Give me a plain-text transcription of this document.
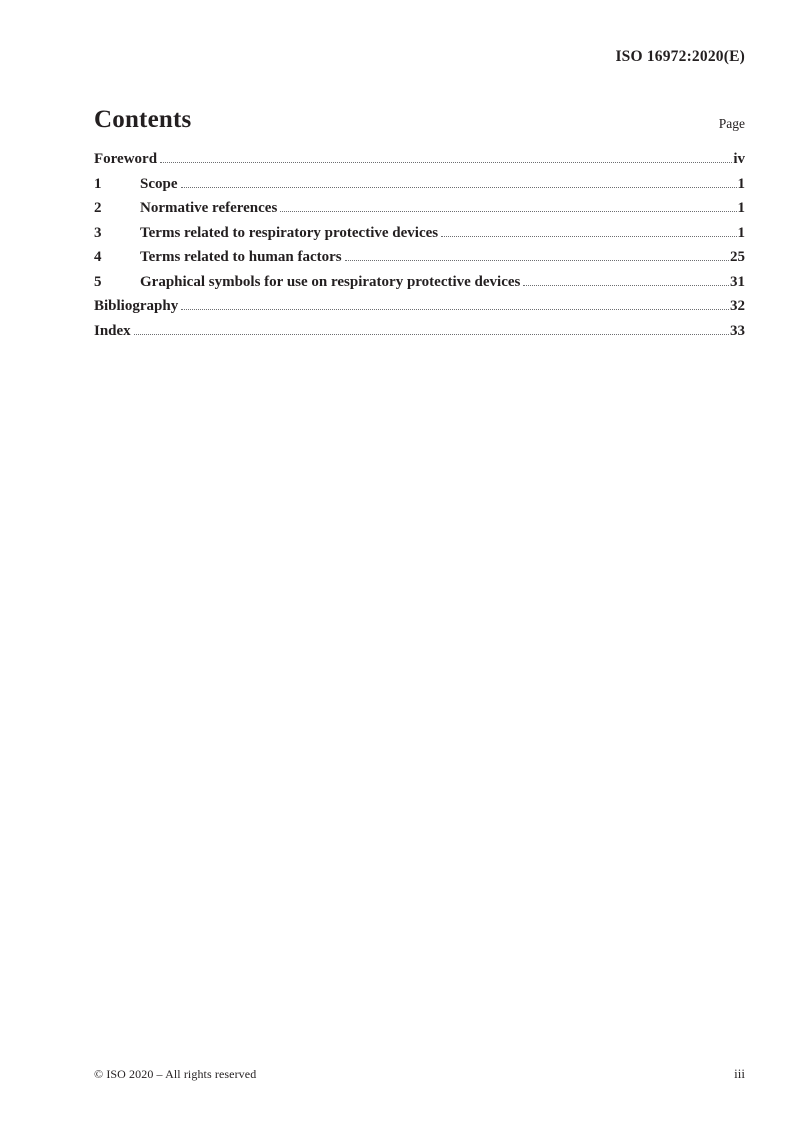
ISO 16972:2020(E)
Contents	Page
Foreword	iv
1	Scope	1
2	Normative references	1
3	Terms related to respiratory protective devices	1
4	Terms related to human factors	25
5	Graphical symbols for use on respiratory protective devices	31
Bibliography	32
Index	33
© ISO 2020 – All rights reserved	iii
